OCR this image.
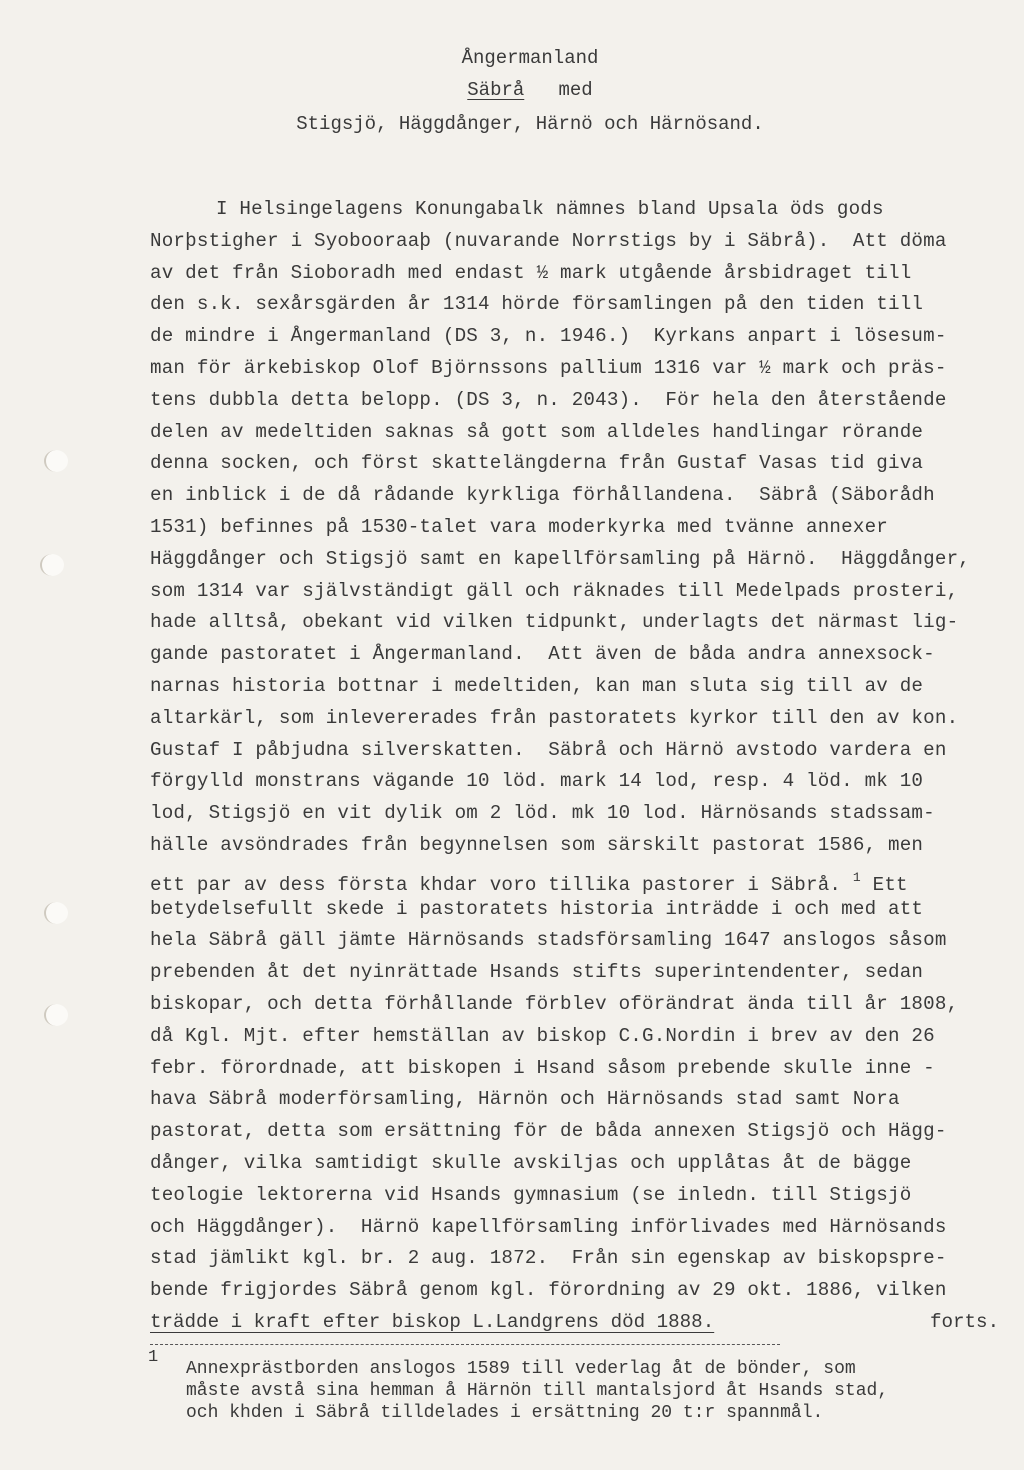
Ångermanland
Säbrå med
Stigsjö, Häggdånger, Härnö och Härnösand.
I Helsingelagens Konungabalk nämnes bland Upsala öds gods
Norþstigher i Syobooraaþ (nuvarande Norrstigs by i Säbrå).  Att döma
av det från Sioboradh med endast ½ mark utgående årsbidraget till
den s.k. sexårsgärden år 1314 hörde församlingen på den tiden till
de mindre i Ångermanland (DS 3, n. 1946.)  Kyrkans anpart i lösesum-
man för ärkebiskop Olof Björnssons pallium 1316 var ½ mark och präs-
tens dubbla detta belopp. (DS 3, n. 2043).  För hela den återstående
delen av medeltiden saknas så gott som alldeles handlingar rörande
denna socken, och först skattelängderna från Gustaf Vasas tid giva
en inblick i de då rådande kyrkliga förhållandena.  Säbrå (Säborådh
1531) befinnes på 1530-talet vara moderkyrka med tvänne annexer
Häggdånger och Stigsjö samt en kapellförsamling på Härnö.  Häggdånger,
som 1314 var självständigt gäll och räknades till Medelpads prosteri,
hade alltså, obekant vid vilken tidpunkt, underlagts det närmast lig-
gande pastoratet i Ångermanland.  Att även de båda andra annexsock-
narnas historia bottnar i medeltiden, kan man sluta sig till av de
altarkärl, som inlevererades från pastoratets kyrkor till den av kon.
Gustaf I påbjudna silverskatten.  Säbrå och Härnö avstodo vardera en
förgylld monstrans vägande 10 löd. mark 14 lod, resp. 4 löd. mk 10
lod, Stigsjö en vit dylik om 2 löd. mk 10 lod. Härnösands stadssam-
hälle avsöndrades från begynnelsen som särskilt pastorat 1586, men
ett par av dess första khdar voro tillika pastorer i Säbrå. $^1$ Ett
betydelsefullt skede i pastoratets historia inträdde i och med att
hela Säbrå gäll jämte Härnösands stadsförsamling 1647 anslogos såsom
prebenden åt det nyinrättade Hsands stifts superintendenter, sedan
biskopar, och detta förhållande förblev oförändrat ända till år 1808,
då Kgl. Mjt. efter hemställan av biskop C.G.Nordin i brev av den 26
febr. förordnade, att biskopen i Hsand såsom prebende skulle inne -
hava Säbrå moderförsamling, Härnön och Härnösands stad samt Nora
pastorat, detta som ersättning för de båda annexen Stigsjö och Hägg-
dånger, vilka samtidigt skulle avskiljas och upplåtas åt de bägge
teologie lektorerna vid Hsands gymnasium (se inledn. till Stigsjö
och Häggdånger).  Härnö kapellförsamling införlivades med Härnösands
stad jämlikt kgl. br. 2 aug. 1872.  Från sin egenskap av biskopspre-
bende frigjordes Säbrå genom kgl. förordning av 29 okt. 1886, vilken
trädde i kraft efter biskop L.Landgrens död 1888.	forts.
1
Annexprästborden anslogos 1589 till vederlag åt de bönder, som
måste avstå sina hemman å Härnön till mantalsjord åt Hsands stad,
och khden i Säbrå tilldelades i ersättning 20 t:r spannmål.
